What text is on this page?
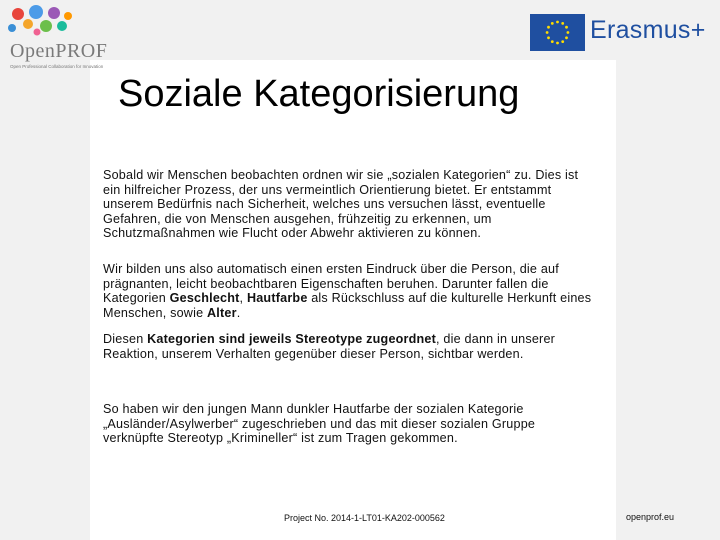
OpenPROF
Open Professional Collaboration for Innovation
Erasmus+
Soziale Kategorisierung

Sobald wir Menschen beobachten ordnen wir sie „sozialen Kategorien“ zu. Dies ist ein hilfreicher Prozess, der uns vermeintlich Orientierung bietet. Er entstammt unserem Bedürfnis nach Sicherheit, welches uns versuchen lässt, eventuelle Gefahren, die von Menschen ausgehen, frühzeitig zu erkennen, um Schutzmaßnahmen wie Flucht oder Abwehr aktivieren zu können.

Wir bilden uns also automatisch einen ersten Eindruck über die Person, die auf prägnanten, leicht beobachtbaren Eigenschaften beruhen. Darunter fallen die Kategorien Geschlecht, Hautfarbe als Rückschluss auf die kulturelle Herkunft eines Menschen, sowie Alter.

Diesen Kategorien sind jeweils Stereotype zugeordnet, die dann in unserer Reaktion, unserem Verhalten gegenüber dieser Person, sichtbar werden.

So haben wir den jungen Mann dunkler Hautfarbe der sozialen Kategorie „Ausländer/Asylwerber“ zugeschrieben und das mit dieser sozialen Gruppe verknüpfte Stereotyp „Krimineller“ ist zum Tragen gekommen.

Project No. 2014-1-LT01-KA202-000562	openprof.eu
